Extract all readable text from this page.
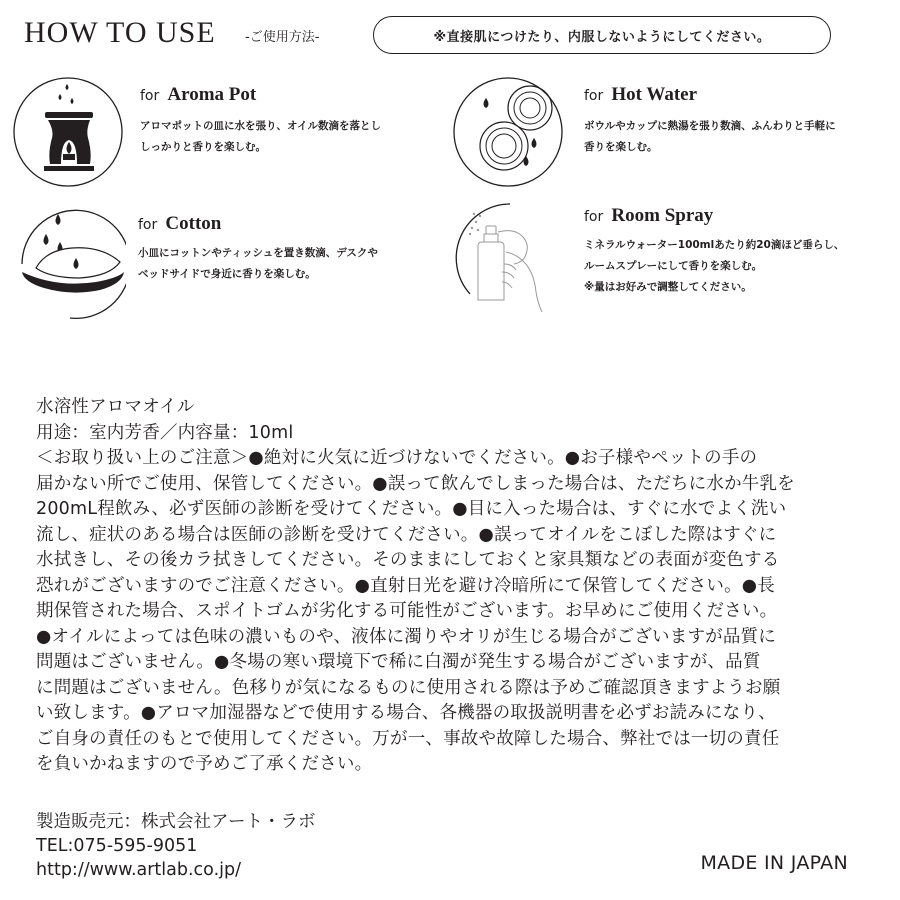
HOW TO USE -ご使用方法-	※直接肌につけたり、内服しないようにしてください。
for Aroma Pot
アロマポットの皿に水を張り、オイル数滴を落とし
しっかりと香りを楽しむ。
for Hot Water
ボウルやカップに熱湯を張り数滴、ふんわりと手軽に
香りを楽しむ。
for Cotton
小皿にコットンやティッシュを置き数滴、デスクや
ベッドサイドで身近に香りを楽しむ。
for Room Spray
ミネラルウォーター100mlあたり約20滴ほど垂らし、
ルームスプレーにして香りを楽しむ。
※量はお好みで調整してください。
水溶性アロマオイル
用途：室内芳香／内容量：10ml
＜お取り扱い上のご注意＞●絶対に火気に近づけないでください。●お子様やペットの手の
届かない所でご使用、保管してください。●誤って飲んでしまった場合は、ただちに水か牛乳を
200mL程飲み、必ず医師の診断を受けてください。●目に入った場合は、すぐに水でよく洗い
流し、症状のある場合は医師の診断を受けてください。●誤ってオイルをこぼした際はすぐに
水拭きし、その後カラ拭きしてください。そのままにしておくと家具類などの表面が変色する
恐れがございますのでご注意ください。●直射日光を避け冷暗所にて保管してください。●長
期保管された場合、スポイトゴムが劣化する可能性がございます。お早めにご使用ください。
●オイルによっては色味の濃いものや、液体に濁りやオリが生じる場合がございますが品質に
問題はございません。●冬場の寒い環境下で稀に白濁が発生する場合がございますが、品質
に問題はございません。色移りが気になるものに使用される際は予めご確認頂きますようお願
い致します。●アロマ加湿器などで使用する場合、各機器の取扱説明書を必ずお読みになり、
ご自身の責任のもとで使用してください。万が一、事故や故障した場合、弊社では一切の責任
を負いかねますので予めご了承ください。
製造販売元：株式会社アート・ラボ
TEL:075-595-9051
http://www.artlab.co.jp/	MADE IN JAPAN
